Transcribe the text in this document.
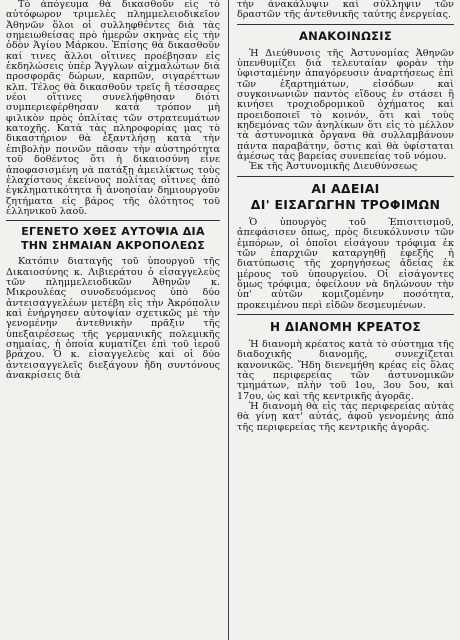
Τὸ ἀπόγευμα θὰ δικασθοῦν εἰς τὸ αὐτόφωρον τριμελὲς πλημμελειοδικεῖον Ἀθηνῶν ὅλοι οἱ συλληφθέντες διὰ τὰς σημειωθείσας πρὸ ἡμερῶν σκηνὰς εἰς τὴν ὁδὸν Ἁγίου Μάρκου. Ἐπίσης θὰ δικασθοῦν καί τινες ἄλλοι οἵτινες προέβησαν εἰς ἐκδηλώσεις ὑπὲρ Ἄγγλων αἰχμαλώτων διὰ προσφορᾶς δώρων, καρπῶν, σιγαρέττων κλπ. Τέλος θὰ δικασθοῦν τρεῖς ἢ τέσσαρες νέοι οἵτινες συνελήφθησαν διότι συμπεριεφέρθησαν κατὰ τρόπον μὴ φιλικὸν πρὸς ὁπλίτας τῶν στρατευμάτων κατοχῆς. Κατὰ τὰς πληροφορίας μας τὸ δικαστήριον θὰ ἐξαντλήσῃ κατὰ τὴν ἐπιβολὴν ποινῶν πᾶσαν τὴν αὐστηρότητα τοῦ δοθέντος ὅτι ἡ δικαιοσύνη εἶνε ἀποφασισμένη νὰ πατάξῃ ἀμειλίκτως τοὺς ἐλαχίστους ἐκείνους πολίτας οἵτινες ἀπὸ ἐγκληματικότητα ἢ ἀνοησίαν δημιουργοῦν ζητήματα εἰς βάρος τῆς ὁλότητος τοῦ ἑλληνικοῦ λαοῦ.

ΕΓΕΝΕΤΟ ΧΘΕΣ ΑΥΤΟΨΙΑ ΔΙΑ
ΤΗΝ ΣΗΜΑΙΑΝ ΑΚΡΟΠΟΛΕΩΣ

Κατόπιν διαταγῆς τοῦ ὑπουργοῦ τῆς Δικαιοσύνης κ. Λιβιεράτου ὁ εἰσαγγελεὺς τῶν πλημμελειοδικῶν Ἀθηνῶν κ. Μικρουλέας συνοδευόμενος ὑπὸ δύο ἀντεισαγγελέων μετέβη εἰς τὴν Ἀκρόπολιν καὶ ἐνήργησεν αὐτοψίαν σχετικῶς μὲ τὴν γενομένην ἀντεθνικὴν πρᾶξιν τῆς ὑπεξαιρέσεως τῆς γερμανικῆς πολεμικῆς σημαίας, ἡ ὁποία κυματίζει ἐπὶ τοῦ ἱεροῦ βράχου. Ὁ κ. εἰσαγγελεὺς καὶ οἱ δύο ἀντεισαγγελεῖς διεξάγουν ἤδη συντόνους ἀνακρίσεις διὰ

τὴν ἀνακάλυψιν καὶ σύλληψιν τῶν δραστῶν τῆς ἀντεθνικῆς ταύτης ἐνεργείας.

ΑΝΑΚΟΙΝΩΣΙΣ

Ἡ Διεύθυνσις τῆς Ἀστυνομίας Ἀθηνῶν ὑπενθυμίζει διὰ τελευταίαν φορὰν τὴν ὑφισταμένην ἀπαγόρευσιν ἀναρτήσεως ἐπὶ τῶν ἐξαρτημάτων, εἰσόδων καὶ συγκοινωνιῶν παντὸς εἴδους ἐν στάσει ἢ κινήσει τροχιοδρομικοῦ ὀχήματος καὶ προειδοποιεῖ τὸ κοινόν, ὅτι καὶ τοὺς κηδεμόνας τῶν ἀνηλίκων ὅτι εἰς τὸ μέλλον τὰ ἀστυνομικὰ ὄργανα θὰ συλλαμβάνουν πάντα παραβάτην, ὅστις καὶ θὰ ὑφίσταται ἀμέσως τὰς βαρείας συνεπείας τοῦ νόμου.

Ἐκ τῆς Ἀστυνομικῆς Διευθύνσεως

ΑΙ ΑΔΕΙΑΙ
ΔΙ' ΕΙΣΑΓΩΓΗΝ ΤΡΟΦΙΜΩΝ

Ὁ ὑπουργὸς τοῦ Ἐπισιτισμοῦ, ἀπεφάσισεν ὅπως, πρὸς διευκόλυνσιν τῶν ἐμπόρων, οἱ ὁποῖοι εἰσάγουν τρόφιμα ἐκ τῶν ἐπαρχιῶν καταργηθῇ ἐφεξῆς ἡ διατύπωσις τῆς χορηγήσεως ἀδείας ἐκ μέρους τοῦ ὑπουργείου. Οἱ εἰσάγοντες ὅμως τρόφιμα, ὀφείλουν νὰ δηλώνουν τὴν ὑπ' αὐτῶν κομιζομένην ποσότητα, προκειμένου περὶ εἰδῶν δεσμευμένων.

Η ΔΙΑΝΟΜΗ ΚΡΕΑΤΟΣ

Ἡ διανομὴ κρέατος κατὰ τὸ σύστημα τῆς διαδοχικῆς διανομῆς, συνεχίζεται κανονικῶς. Ἤδη διενεμήθη κρέας εἰς ὅλας τὰς περιφερείας τῶν ἀστυνομικῶν τμημάτων, πλὴν τοῦ 1ου, 3ου 5ου, καὶ 17ου, ὡς καὶ τῆς κεντρικῆς ἀγορᾶς.

Ἡ διανομὴ θὰ εἰς τὰς περιφερείας αὐτὰς θὰ γίνῃ κατ' αὐτάς, ἀφοῦ γενομένης ἀπὸ τῆς περιφερείας τῆς κεντρικῆς ἀγορᾶς.
